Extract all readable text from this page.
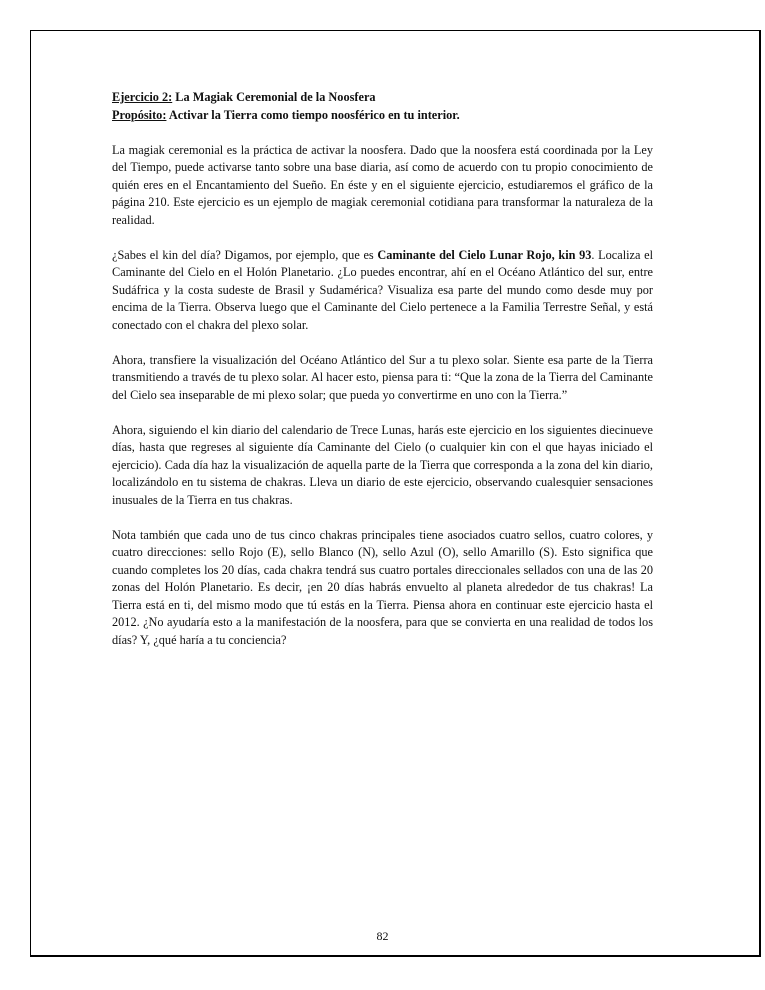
Ejercicio 2: La Magiak Ceremonial de la Noosfera

Propósito: Activar la Tierra como tiempo noosférico en tu interior.

La magiak ceremonial es la práctica de activar la noosfera. Dado que la noosfera está coordinada por la Ley del Tiempo, puede activarse tanto sobre una base diaria, así como de acuerdo con tu propio conocimiento de quién eres en el Encantamiento del Sueño. En éste y en el siguiente ejercicio, estudiaremos el gráfico de la página 210. Este ejercicio es un ejemplo de magiak ceremonial cotidiana para transformar la naturaleza de la realidad.

¿Sabes el kin del día? Digamos, por ejemplo, que es Caminante del Cielo Lunar Rojo, kin 93. Localiza el Caminante del Cielo en el Holón Planetario. ¿Lo puedes encontrar, ahí en el Océano Atlántico del sur, entre Sudáfrica y la costa sudeste de Brasil y Sudamérica? Visualiza esa parte del mundo como desde muy por encima de la Tierra. Observa luego que el Caminante del Cielo pertenece a la Familia Terrestre Señal, y está conectado con el chakra del plexo solar.

Ahora, transfiere la visualización del Océano Atlántico del Sur a tu plexo solar. Siente esa parte de la Tierra transmitiendo a través de tu plexo solar. Al hacer esto, piensa para ti: “Que la zona de la Tierra del Caminante del Cielo sea inseparable de mi plexo solar; que pueda yo convertirme en uno con la Tierra.”

Ahora, siguiendo el kin diario del calendario de Trece Lunas, harás este ejercicio en los siguientes diecinueve días, hasta que regreses al siguiente día Caminante del Cielo (o cualquier kin con el que hayas iniciado el ejercicio). Cada día haz la visualización de aquella parte de la Tierra que corresponda a la zona del kin diario, localizándolo en tu sistema de chakras. Lleva un diario de este ejercicio, observando cualesquier sensaciones inusuales de la Tierra en tus chakras.

Nota también que cada uno de tus cinco chakras principales tiene asociados cuatro sellos, cuatro colores, y cuatro direcciones: sello Rojo (E), sello Blanco (N), sello Azul (O), sello Amarillo (S). Esto significa que cuando completes los 20 días, cada chakra tendrá sus cuatro portales direccionales sellados con una de las 20 zonas del Holón Planetario. Es decir, ¡en 20 días habrás envuelto al planeta alrededor de tus chakras! La Tierra está en ti, del mismo modo que tú estás en la Tierra. Piensa ahora en continuar este ejercicio hasta el 2012. ¿No ayudaría esto a la manifestación de la noosfera, para que se convierta en una realidad de todos los días? Y, ¿qué haría a tu conciencia?

82
